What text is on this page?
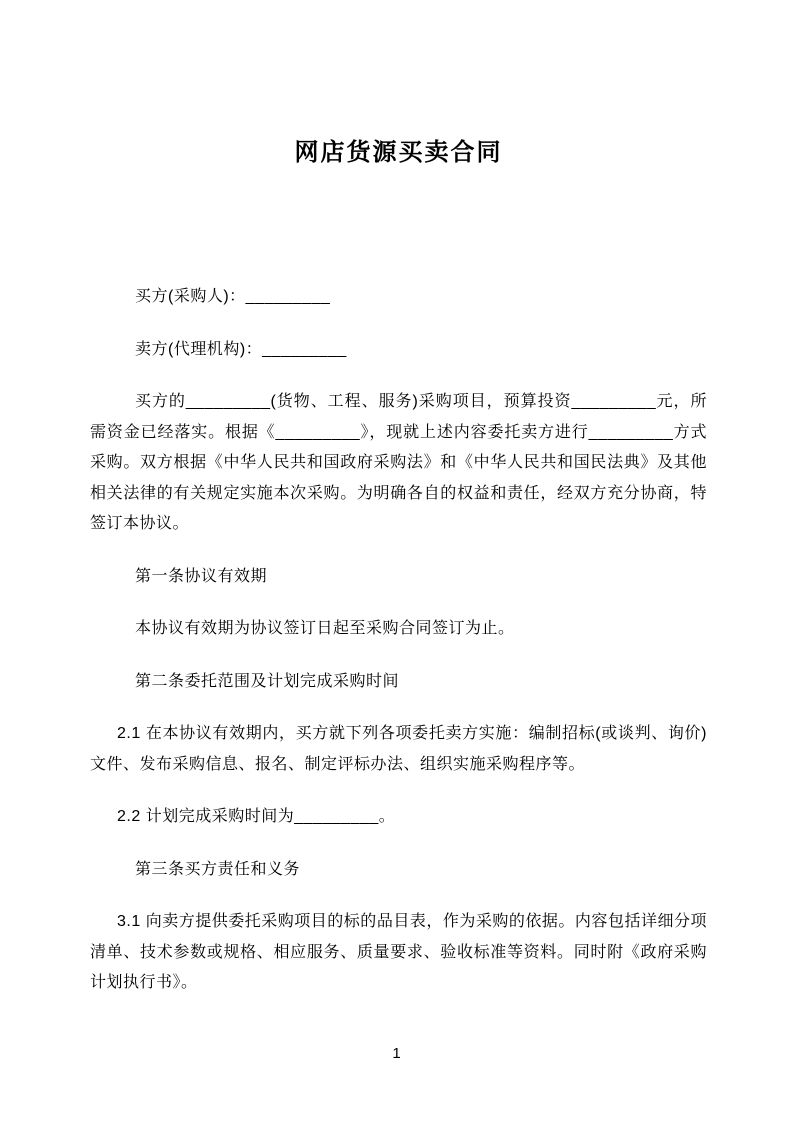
网店货源买卖合同

买方(采购人)：_________

卖方(代理机构)：_________

买方的_________(货物、工程、服务)采购项目，预算投资_________元，所需资金已经落实。根据《_________》，现就上述内容委托卖方进行_________方式采购。双方根据《中华人民共和国政府采购法》和《中华人民共和国民法典》及其他相关法律的有关规定实施本次采购。为明确各自的权益和责任，经双方充分协商，特签订本协议。

第一条协议有效期

本协议有效期为协议签订日起至采购合同签订为止。

第二条委托范围及计划完成采购时间

2.1 在本协议有效期内，买方就下列各项委托卖方实施：编制招标(或谈判、询价)文件、发布采购信息、报名、制定评标办法、组织实施采购程序等。

2.2 计划完成采购时间为_________。

第三条买方责任和义务

3.1 向卖方提供委托采购项目的标的品目表，作为采购的依据。内容包括详细分项清单、技术参数或规格、相应服务、质量要求、验收标准等资料。同时附《政府采购计划执行书》。

1
